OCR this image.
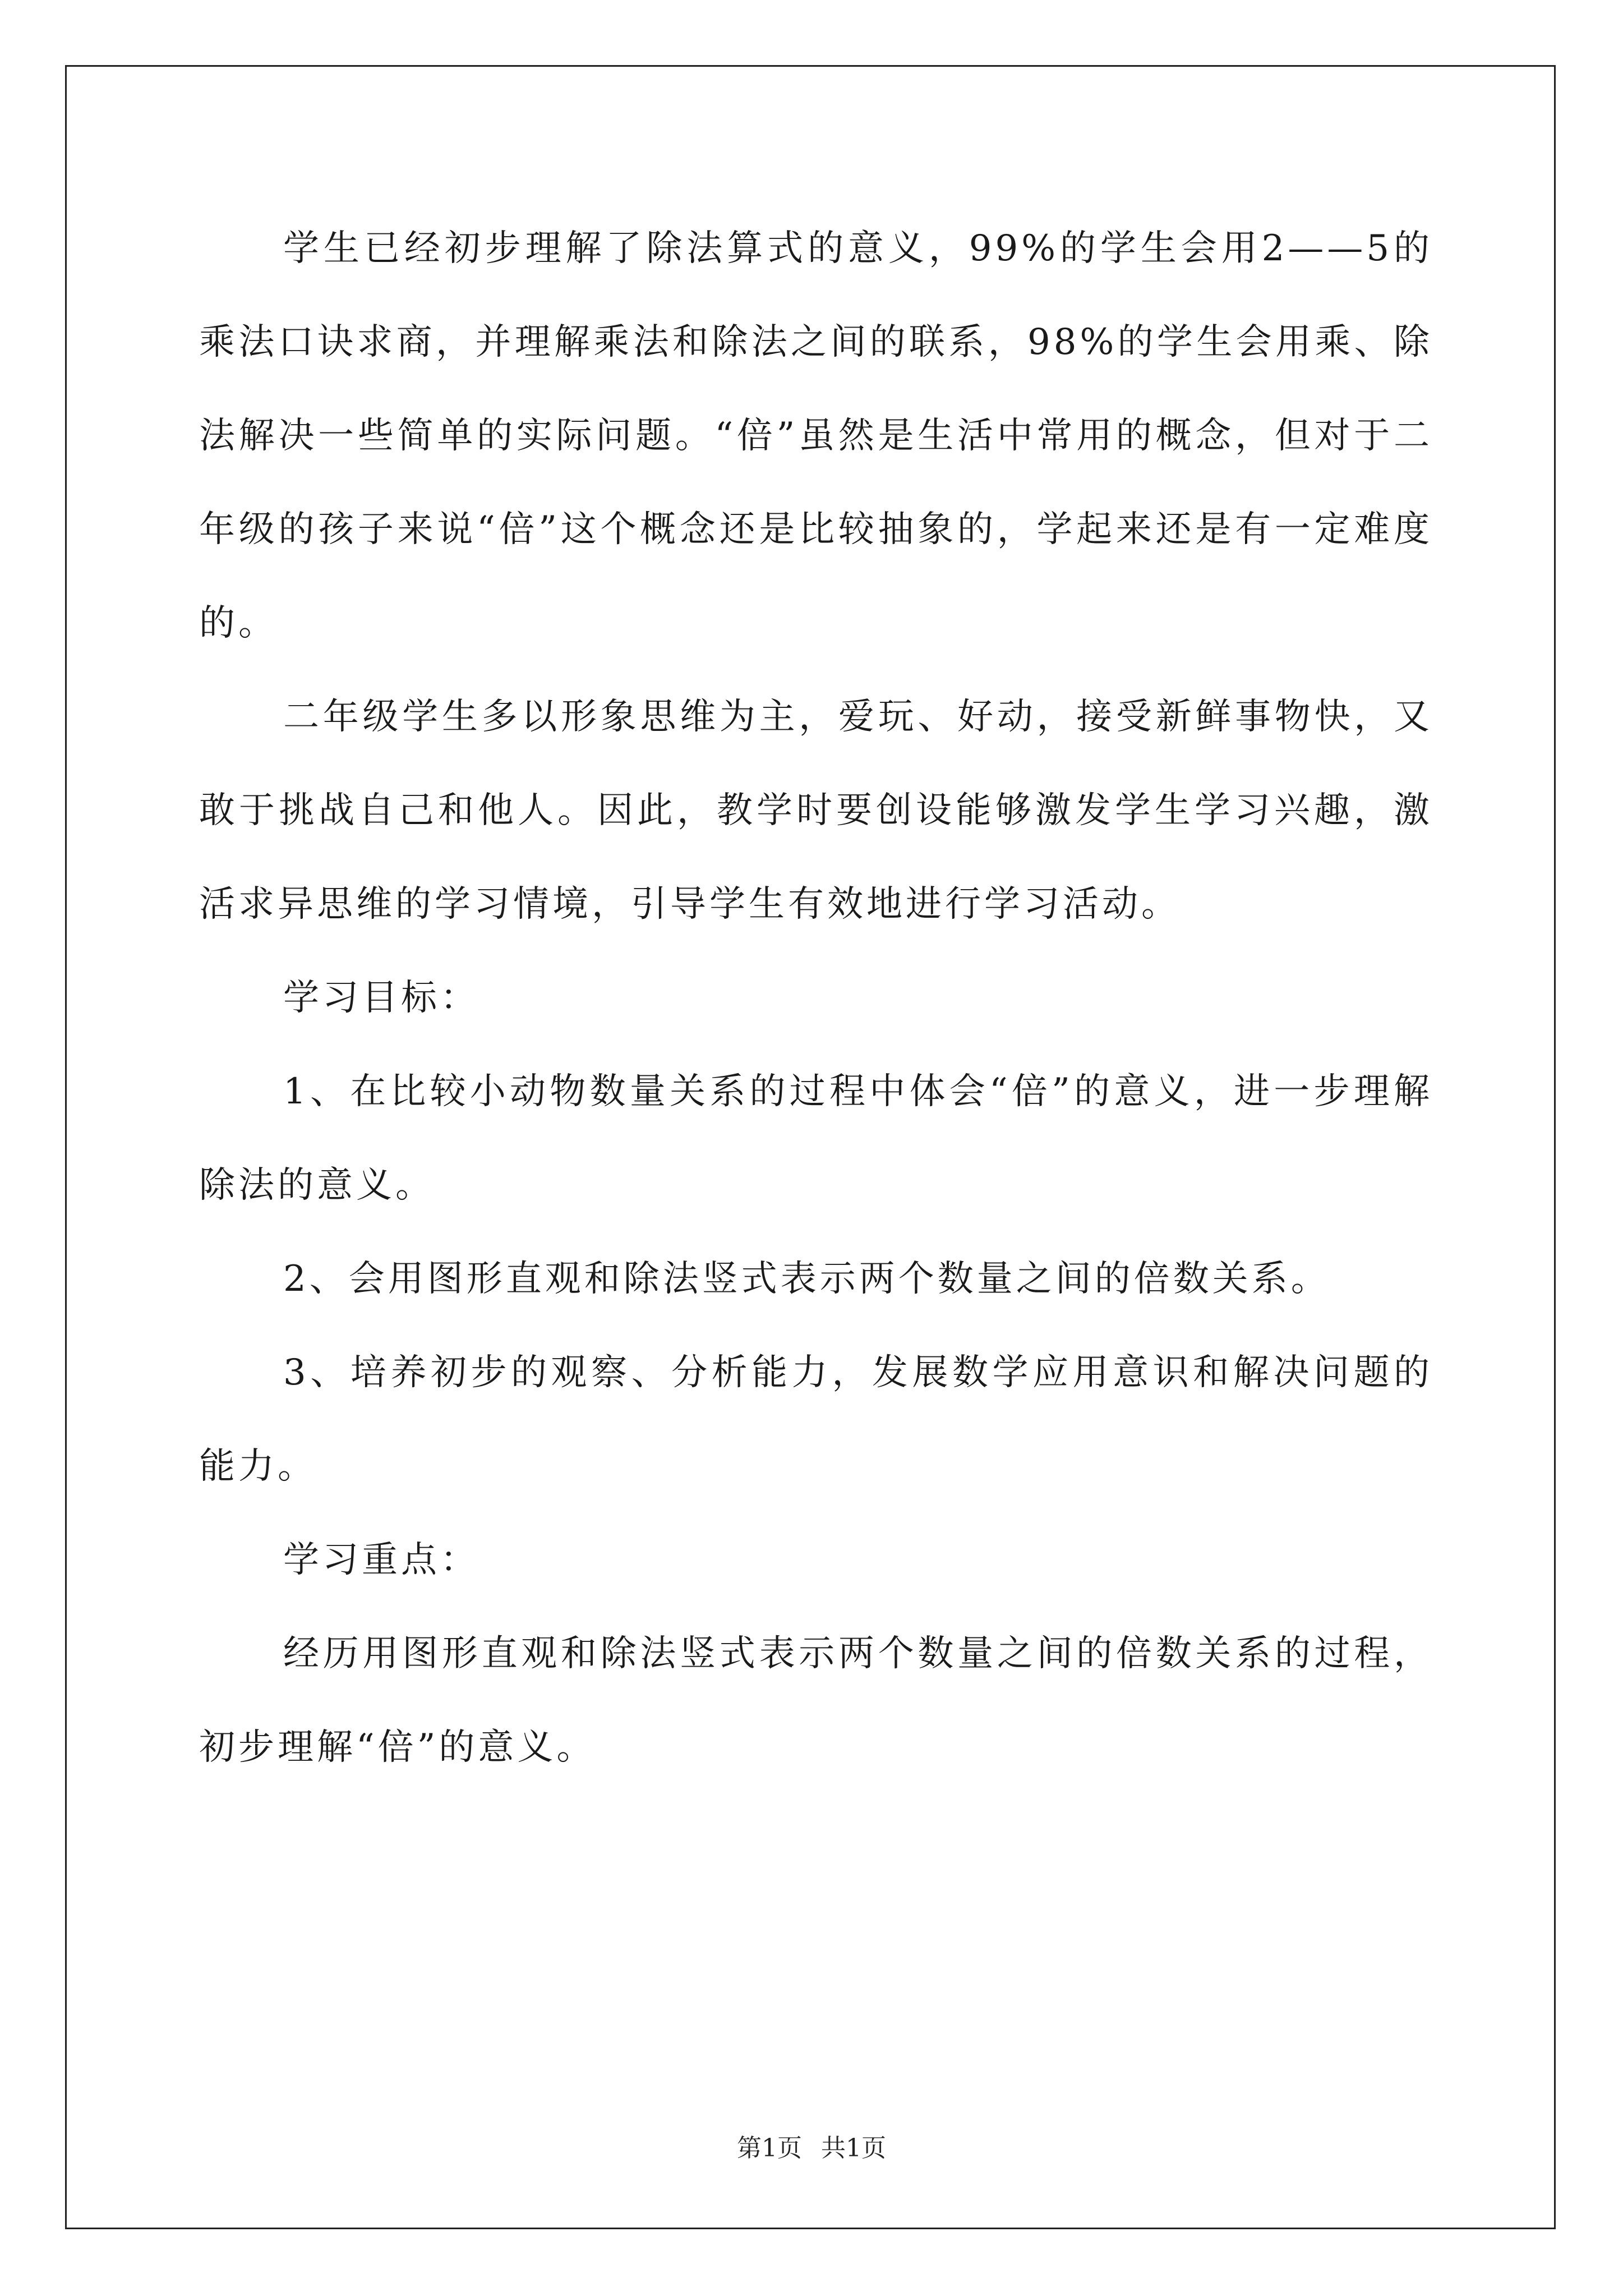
学生已经初步理解了除法算式的意义，99%的学生会用2——5的乘法口诀求商，并理解乘法和除法之间的联系，98%的学生会用乘、除法解决一些简单的实际问题。“倍”虽然是生活中常用的概念，但对于二年级的孩子来说“倍”这个概念还是比较抽象的，学起来还是有一定难度的。

二年级学生多以形象思维为主，爱玩、好动，接受新鲜事物快，又敢于挑战自己和他人。因此，教学时要创设能够激发学生学习兴趣，激活求异思维的学习情境，引导学生有效地进行学习活动。

学习目标：

1、在比较小动物数量关系的过程中体会“倍”的意义，进一步理解除法的意义。

2、会用图形直观和除法竖式表示两个数量之间的倍数关系。

3、培养初步的观察、分析能力，发展数学应用意识和解决问题的能力。

学习重点：

经历用图形直观和除法竖式表示两个数量之间的倍数关系的过程，初步理解“倍”的意义。

第1页 共1页
